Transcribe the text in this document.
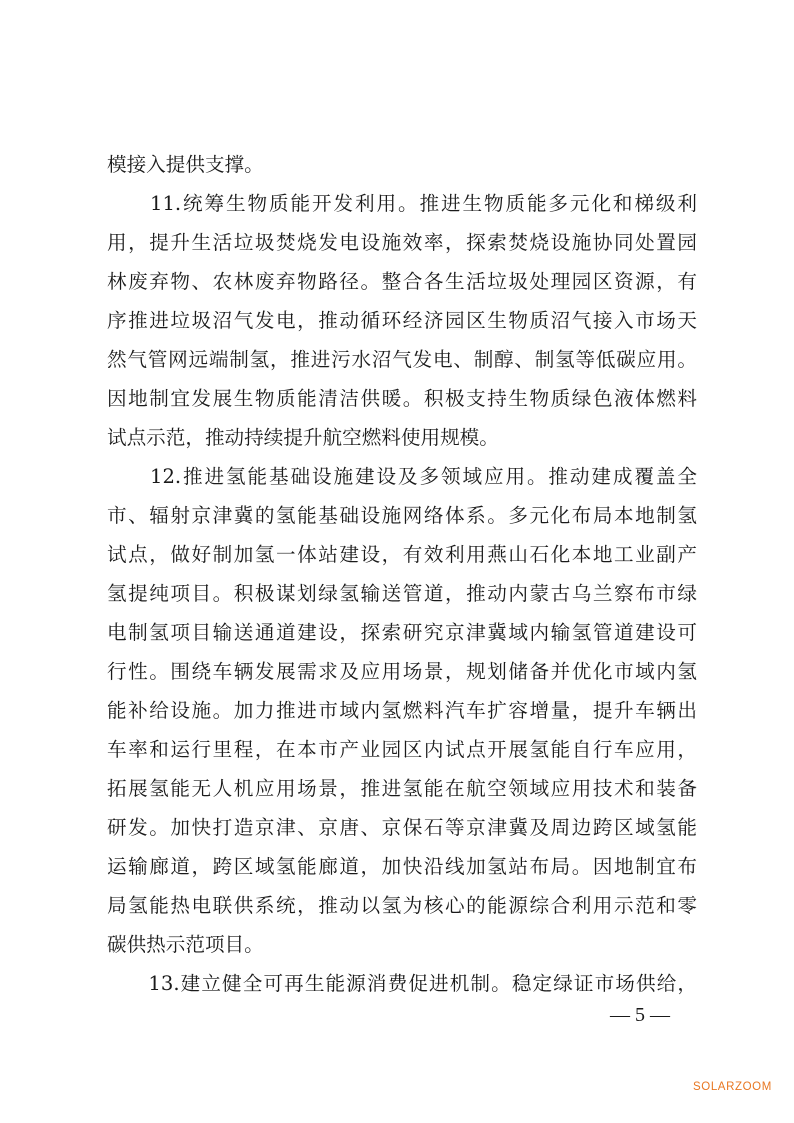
模接入提供支撑。
　　11.统筹生物质能开发利用。推进生物质能多元化和梯级利
用，提升生活垃圾焚烧发电设施效率，探索焚烧设施协同处置园
林废弃物、农林废弃物路径。整合各生活垃圾处理园区资源，有
序推进垃圾沼气发电，推动循环经济园区生物质沼气接入市场天
然气管网远端制氢，推进污水沼气发电、制醇、制氢等低碳应用。
因地制宜发展生物质能清洁供暖。积极支持生物质绿色液体燃料
试点示范，推动持续提升航空燃料使用规模。
　　12.推进氢能基础设施建设及多领域应用。推动建成覆盖全
市、辐射京津冀的氢能基础设施网络体系。多元化布局本地制氢
试点，做好制加氢一体站建设，有效利用燕山石化本地工业副产
氢提纯项目。积极谋划绿氢输送管道，推动内蒙古乌兰察布市绿
电制氢项目输送通道建设，探索研究京津冀域内输氢管道建设可
行性。围绕车辆发展需求及应用场景，规划储备并优化市域内氢
能补给设施。加力推进市域内氢燃料汽车扩容增量，提升车辆出
车率和运行里程，在本市产业园区内试点开展氢能自行车应用，
拓展氢能无人机应用场景，推进氢能在航空领域应用技术和装备
研发。加快打造京津、京唐、京保石等京津冀及周边跨区域氢能
运输廊道，跨区域氢能廊道，加快沿线加氢站布局。因地制宜布
局氢能热电联供系统，推动以氢为核心的能源综合利用示范和零
碳供热示范项目。
　　13.建立健全可再生能源消费促进机制。稳定绿证市场供给，
— 5 —
SOLARZOOM
